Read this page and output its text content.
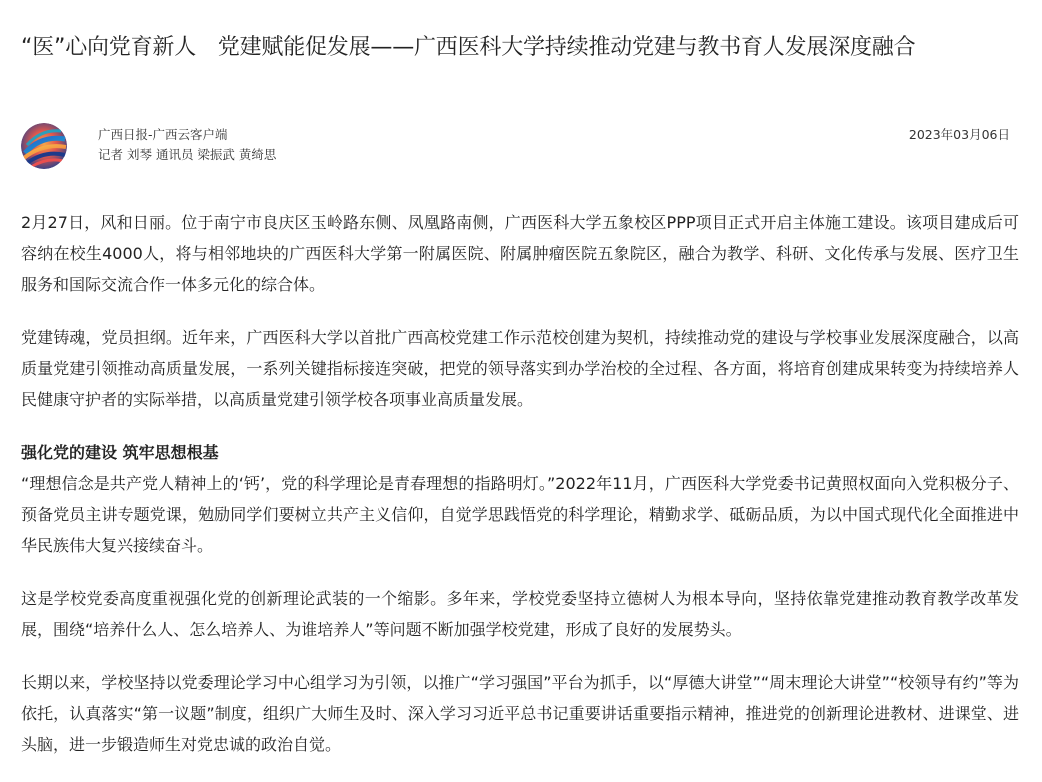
“医”心向党育新人　党建赋能促发展——广西医科大学持续推动党建与教书育人发展深度融合
广西日报-广西云客户端
记者 刘琴 通讯员 梁振武 黄绮思
2023年03月06日

2月27日，风和日丽。位于南宁市良庆区玉岭路东侧、凤凰路南侧，广西医科大学五象校区PPP项目正式开启主体施工建设。该项目建成后可容纳在校生4000人，将与相邻地块的广西医科大学第一附属医院、附属肿瘤医院五象院区，融合为教学、科研、文化传承与发展、医疗卫生服务和国际交流合作一体多元化的综合体。

党建铸魂，党员担纲。近年来，广西医科大学以首批广西高校党建工作示范校创建为契机，持续推动党的建设与学校事业发展深度融合，以高质量党建引领推动高质量发展，一系列关键指标接连突破，把党的领导落实到办学治校的全过程、各方面，将培育创建成果转变为持续培养人民健康守护者的实际举措，以高质量党建引领学校各项事业高质量发展。

强化党的建设 筑牢思想根基

“理想信念是共产党人精神上的‘钙’，党的科学理论是青春理想的指路明灯。”2022年11月，广西医科大学党委书记黄照权面向入党积极分子、预备党员主讲专题党课，勉励同学们要树立共产主义信仰，自觉学思践悟党的科学理论，精勤求学、砥砺品质，为以中国式现代化全面推进中华民族伟大复兴接续奋斗。

这是学校党委高度重视强化党的创新理论武装的一个缩影。多年来，学校党委坚持立德树人为根本导向，坚持依靠党建推动教育教学改革发展，围绕“培养什么人、怎么培养人、为谁培养人”等问题不断加强学校党建，形成了良好的发展势头。

长期以来，学校坚持以党委理论学习中心组学习为引领，以推广“学习强国”平台为抓手，以“厚德大讲堂”“周末理论大讲堂”“校领导有约”等为依托，认真落实“第一议题”制度，组织广大师生及时、深入学习习近平总书记重要讲话重要指示精神，推进党的创新理论进教材、进课堂、进头脑，进一步锻造师生对党忠诚的政治自觉。
